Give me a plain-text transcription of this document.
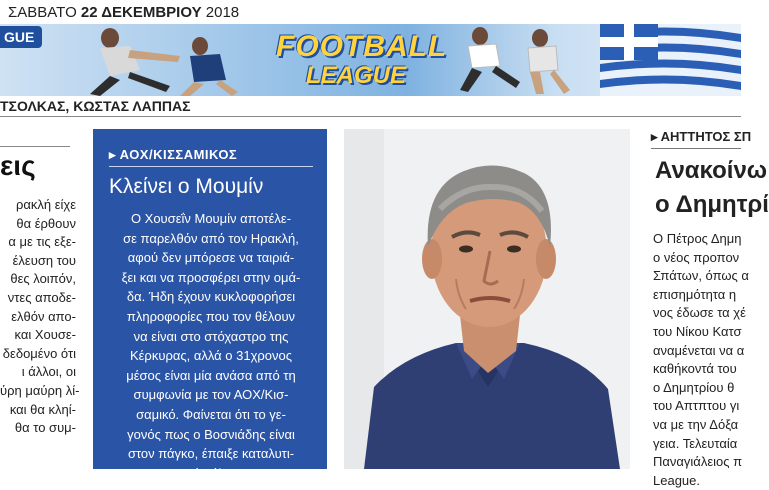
ΣΑΒΒΑΤΟ 22 ΔΕΚΕΜΒΡΙΟΥ 2018
FOOTBALL
LEAGUE
GUE
ΤΣΟΛΚΑΣ, ΚΩΣΤΑΣ ΛΑΠΠΑΣ
εις
ρακλή είχε
θα έρθουν
α με τις εξε-
έλευση του
θες λοιπόν,
ντες αποδε-
ελθόν απο-
και Χουσε-
δεδομένο ότι
ι άλλοι, οι
ύρη μαύρη λί-
και θα κληί-
θα το συμ-
▸ ΑΟΧ/ΚΙΣΣΑΜΙΚΟΣ
Κλείνει ο Μουμίν
Ο Χουσεΐν Μουμίν αποτέλε-
σε παρελθόν από τον Ηρακλή,
αφού δεν μπόρεσε να ταιριά-
ξει και να προσφέρει στην ομά-
δα. Ήδη έχουν κυκλοφορήσει
πληροφορίες που τον θέλουν
να είναι στο στόχαστρο της
Κέρκυρας, αλλά ο 31χρονος
μέσος είναι μία ανάσα από τη
συμφωνία με τον ΑΟΧ/Κισ-
σαμικό. Φαίνεται ότι το γε-
γονός πως ο Βοσνιάδης είναι
στον πάγκο, έπαιξε καταλυτι-
κό ρόλο.
▸ ΑΗΤΤΗΤΟΣ ΣΠ
Ανακοίνω
ο Δημητρί
Ο Πέτρος Δημη
ο νέος προπον
Σπάτων, όπως α
επισημότητα η
νος έδωσε τα χέ
του Νίκου Κατσ
αναμένεται να α
καθήκοντά του
ο Δημητρίου θ
του Απτπτου γι
να με την Δόξα
γεια. Τελευταία
Παναγιάλειος π
League.
